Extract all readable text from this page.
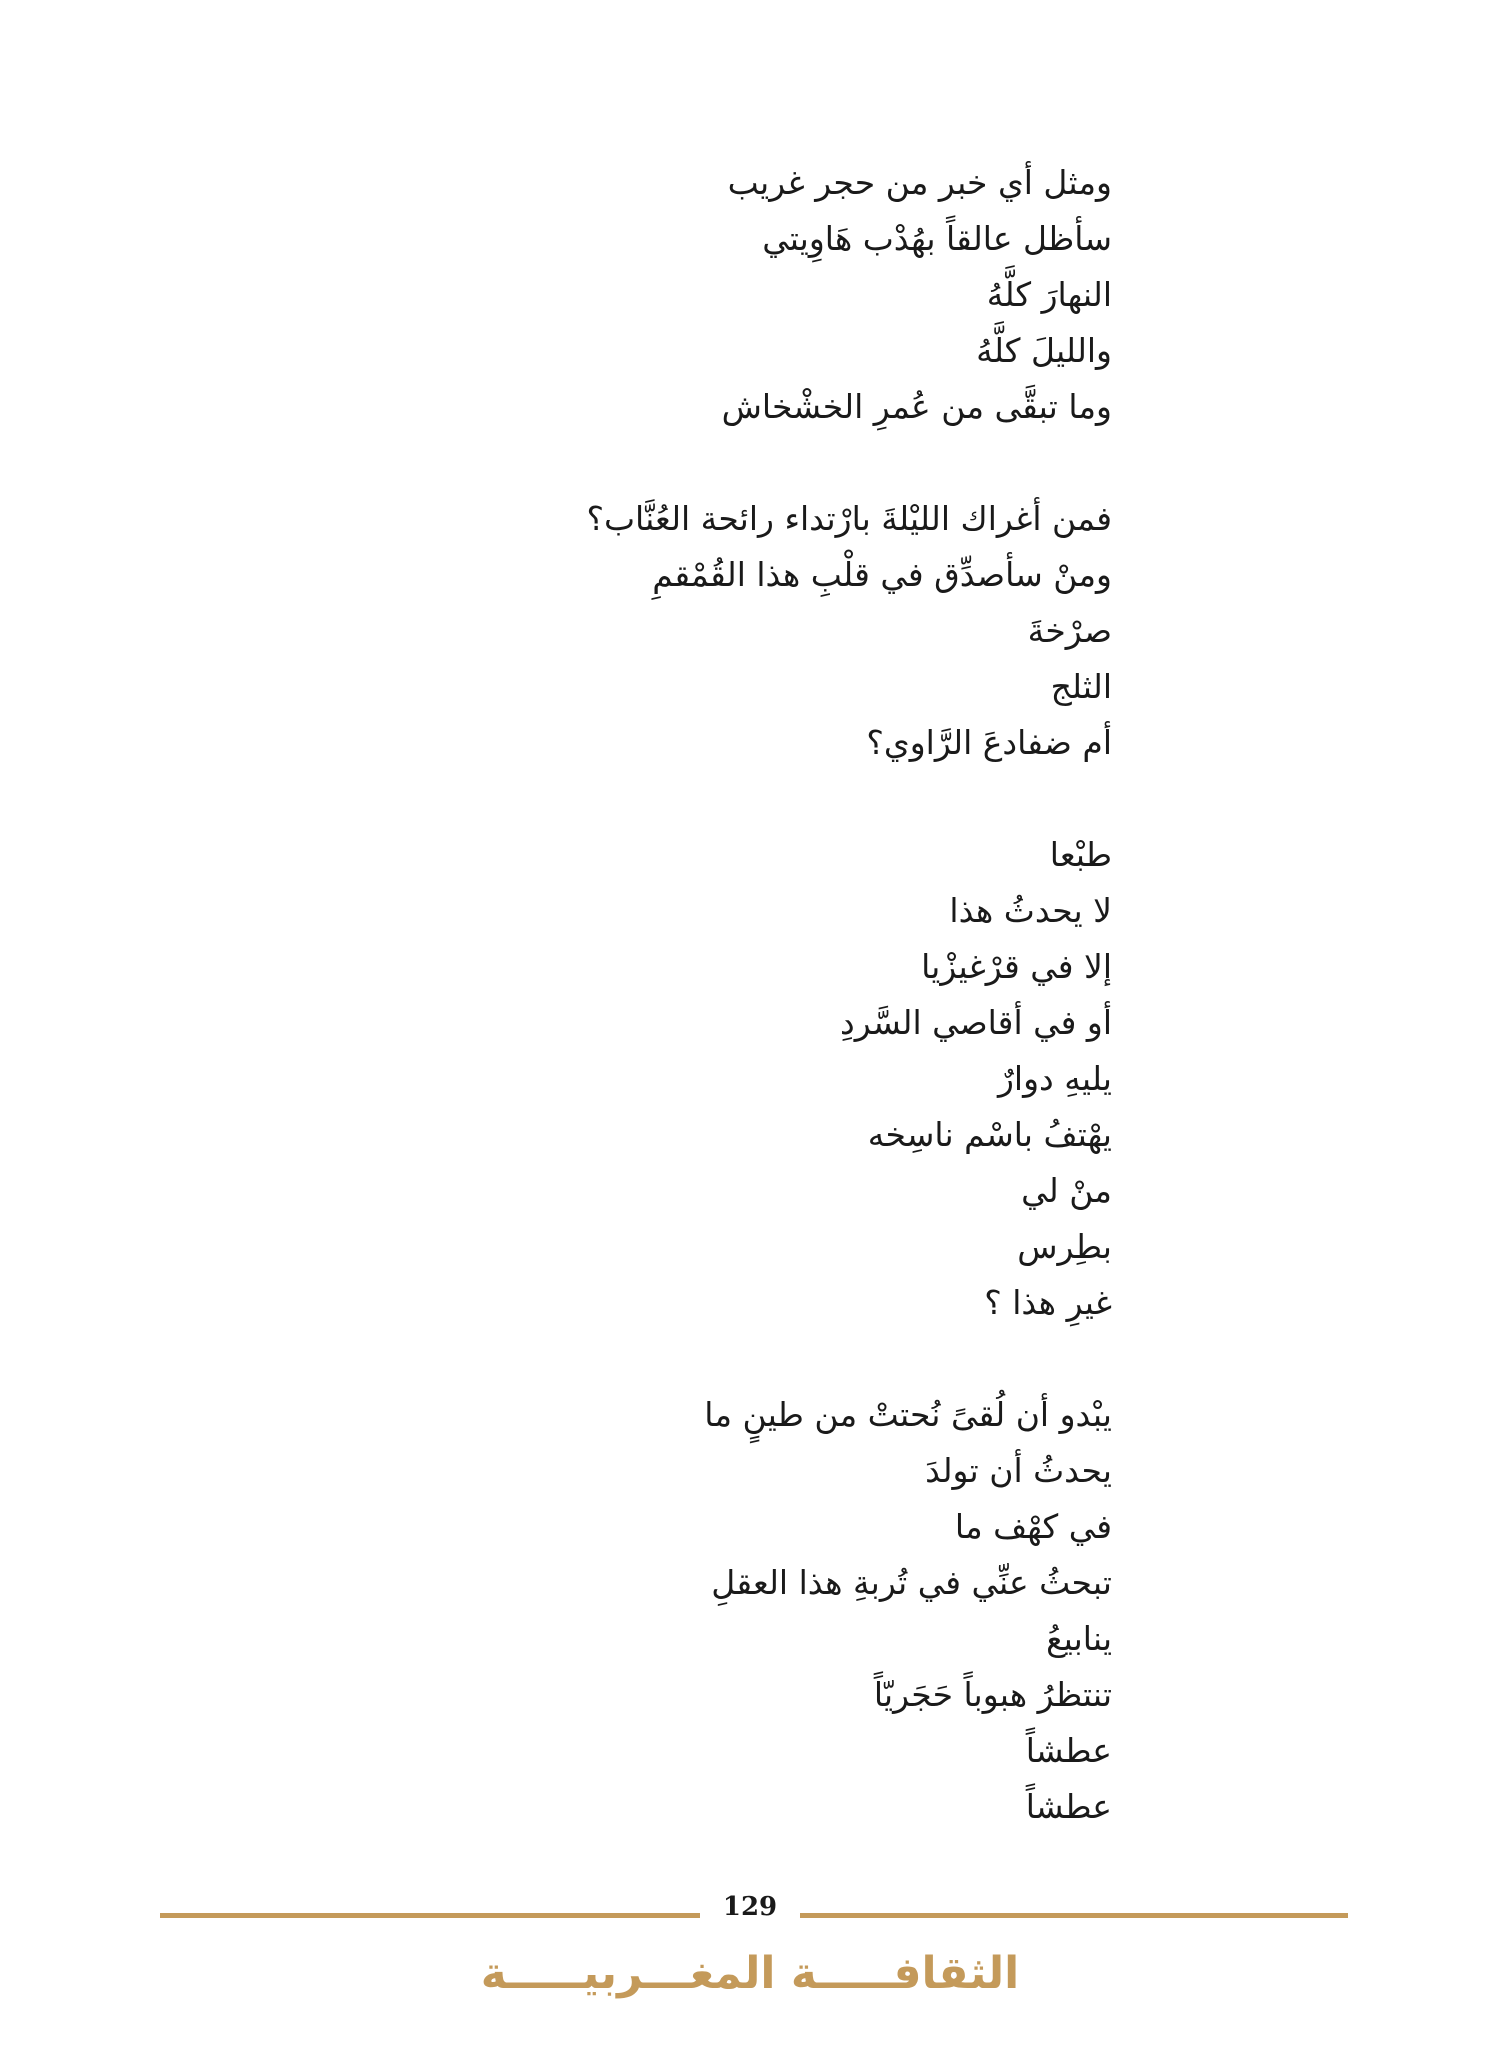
ومثل أي خبر من حجر غريب
سأظل عالقاً بهُدْب هَاوِيتي
النهارَ كلَّهُ
والليلَ كلَّهُ
وما تبقَّى من عُمرِ الخشْخاش
فمن أغراك الليْلةَ بارْتداء رائحة العُنَّاب؟
ومنْ سأصدِّق في قلْبِ هذا القُمْقمِ
صرْخةَ
الثلج
أم ضفادعَ الرَّاوي؟
طبْعا
لا يحدثُ هذا
إلا في قرْغيزْيا
أو في أقاصي السَّردِ
يليهِ دوارٌ
يهْتفُ باسْم ناسِخه
منْ لي
بطِرس
غيرِ هذا ؟
يبْدو أن لُقىً نُحتتْ من طينٍ ما
يحدثُ أن تولدَ
في كهْف ما
تبحثُ عنِّي في تُربةِ هذا العقلِ
ينابيعُ
تنتظرُ هبوباً حَجَريّاً
عطشاً
عطشاً
129
الثقافـــــة المغـــربيـــــة
